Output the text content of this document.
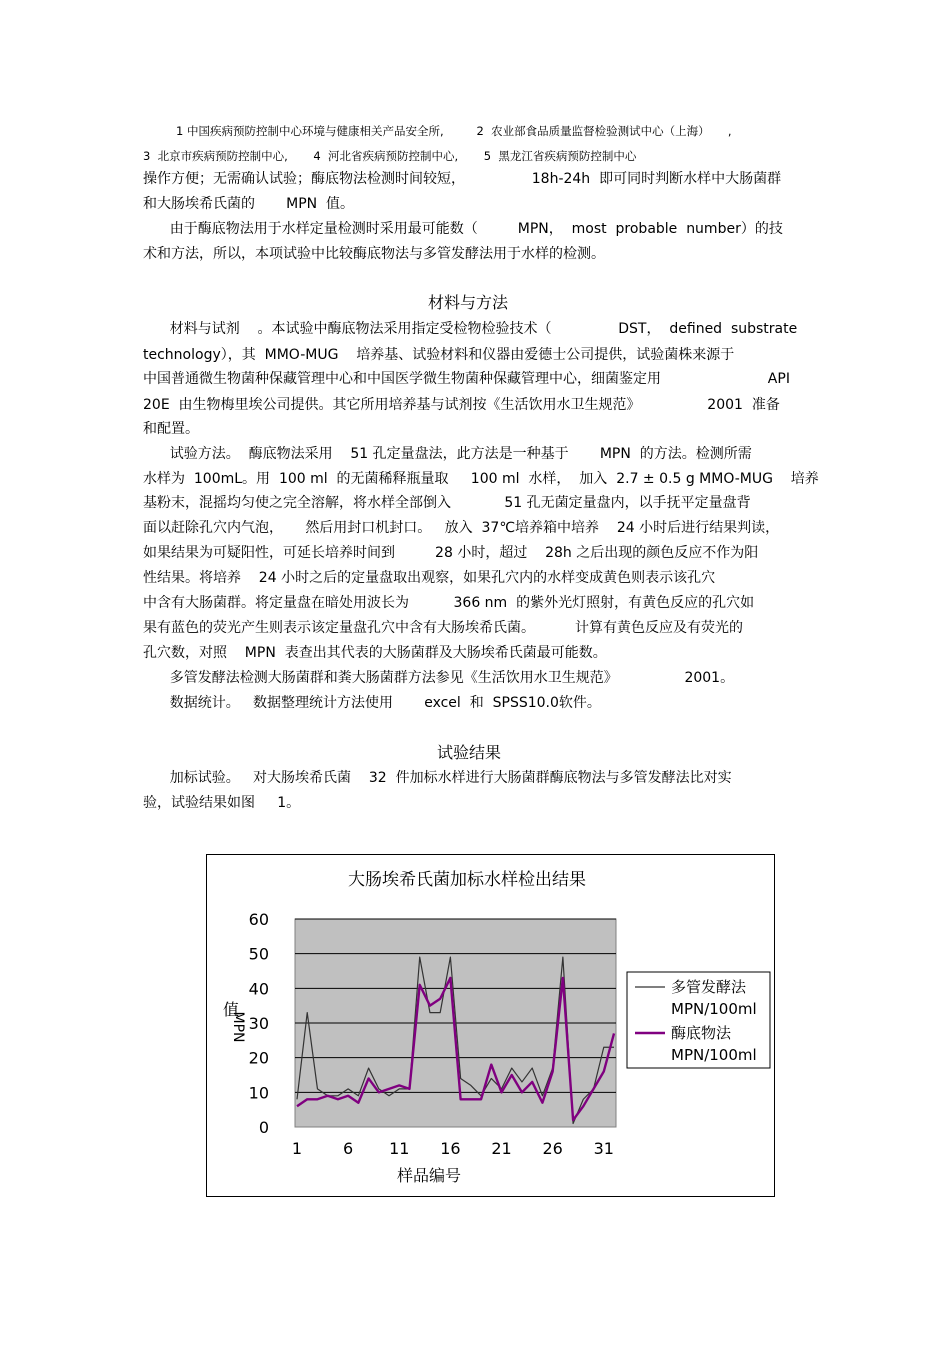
1 中国疾病预防控制中心环境与健康相关产品安全所,         2  农业部食品质量监督检验测试中心（上海）     ,
3  北京市疾病预防控制中心,       4  河北省疾病预防控制中心,       5  黑龙江省疾病预防控制中心
操作方便；无需确认试验；酶底物法检测时间较短，               18h-24h  即可同时判断水样中大肠菌群
和大肠埃希氏菌的       MPN  值。
由于酶底物法用于水样定量检测时采用最可能数（         MPN，  most  probable  number）的技
术和方法，所以，本项试验中比较酶底物法与多管发酵法用于水样的检测。
材料与方法
材料与试剂    。本试验中酶底物法采用指定受检物检验技术（               DST，  defined  substrate
technology），其  MMO-MUG    培养基、试验材料和仪器由爱德士公司提供，试验菌株来源于
中国普通微生物菌种保藏管理中心和中国医学微生物菌种保藏管理中心，细菌鉴定用                        API
20E  由生物梅里埃公司提供。其它所用培养基与试剂按《生活饮用水卫生规范》               2001  准备
和配置。
试验方法。  酶底物法采用    51 孔定量盘法，此方法是一种基于       MPN  的方法。检测所需
水样为  100mL。用  100 ml  的无菌稀释瓶量取     100 ml  水样，  加入  2.7 ± 0.5 g MMO-MUG    培养
基粉末，混摇均匀使之完全溶解，将水样全部倒入            51 孔无菌定量盘内，以手抚平定量盘背
面以赶除孔穴内气泡，     然后用封口机封口。   放入  37℃培养箱中培养    24 小时后进行结果判读，
如果结果为可疑阳性，可延长培养时间到         28 小时，超过    28h 之后出现的颜色反应不作为阳
性结果。将培养    24 小时之后的定量盘取出观察，如果孔穴内的水样变成黄色则表示该孔穴
中含有大肠菌群。将定量盘在暗处用波长为          366 nm  的紫外光灯照射，有黄色反应的孔穴如
果有蓝色的荧光产生则表示该定量盘孔穴中含有大肠埃希氏菌。         计算有黄色反应及有荧光的
孔穴数，对照    MPN  表查出其代表的大肠菌群及大肠埃希氏菌最可能数。
多管发酵法检测大肠菌群和粪大肠菌群方法参见《生活饮用水卫生规范》               2001。
数据统计。   数据整理统计方法使用       excel  和  SPSS10.0软件。
试验结果
加标试验。   对大肠埃希氏菌    32  件加标水样进行大肠菌群酶底物法与多管发酵法比对实
验，试验结果如图     1。
大肠埃希氏菌加标水样检出结果
0
10
20
30
40
50
60
1	6 11 16 21 26 31
样品编号
值
MPN
多管发酵法
MPN/100ml
酶底物法
MPN/100ml
